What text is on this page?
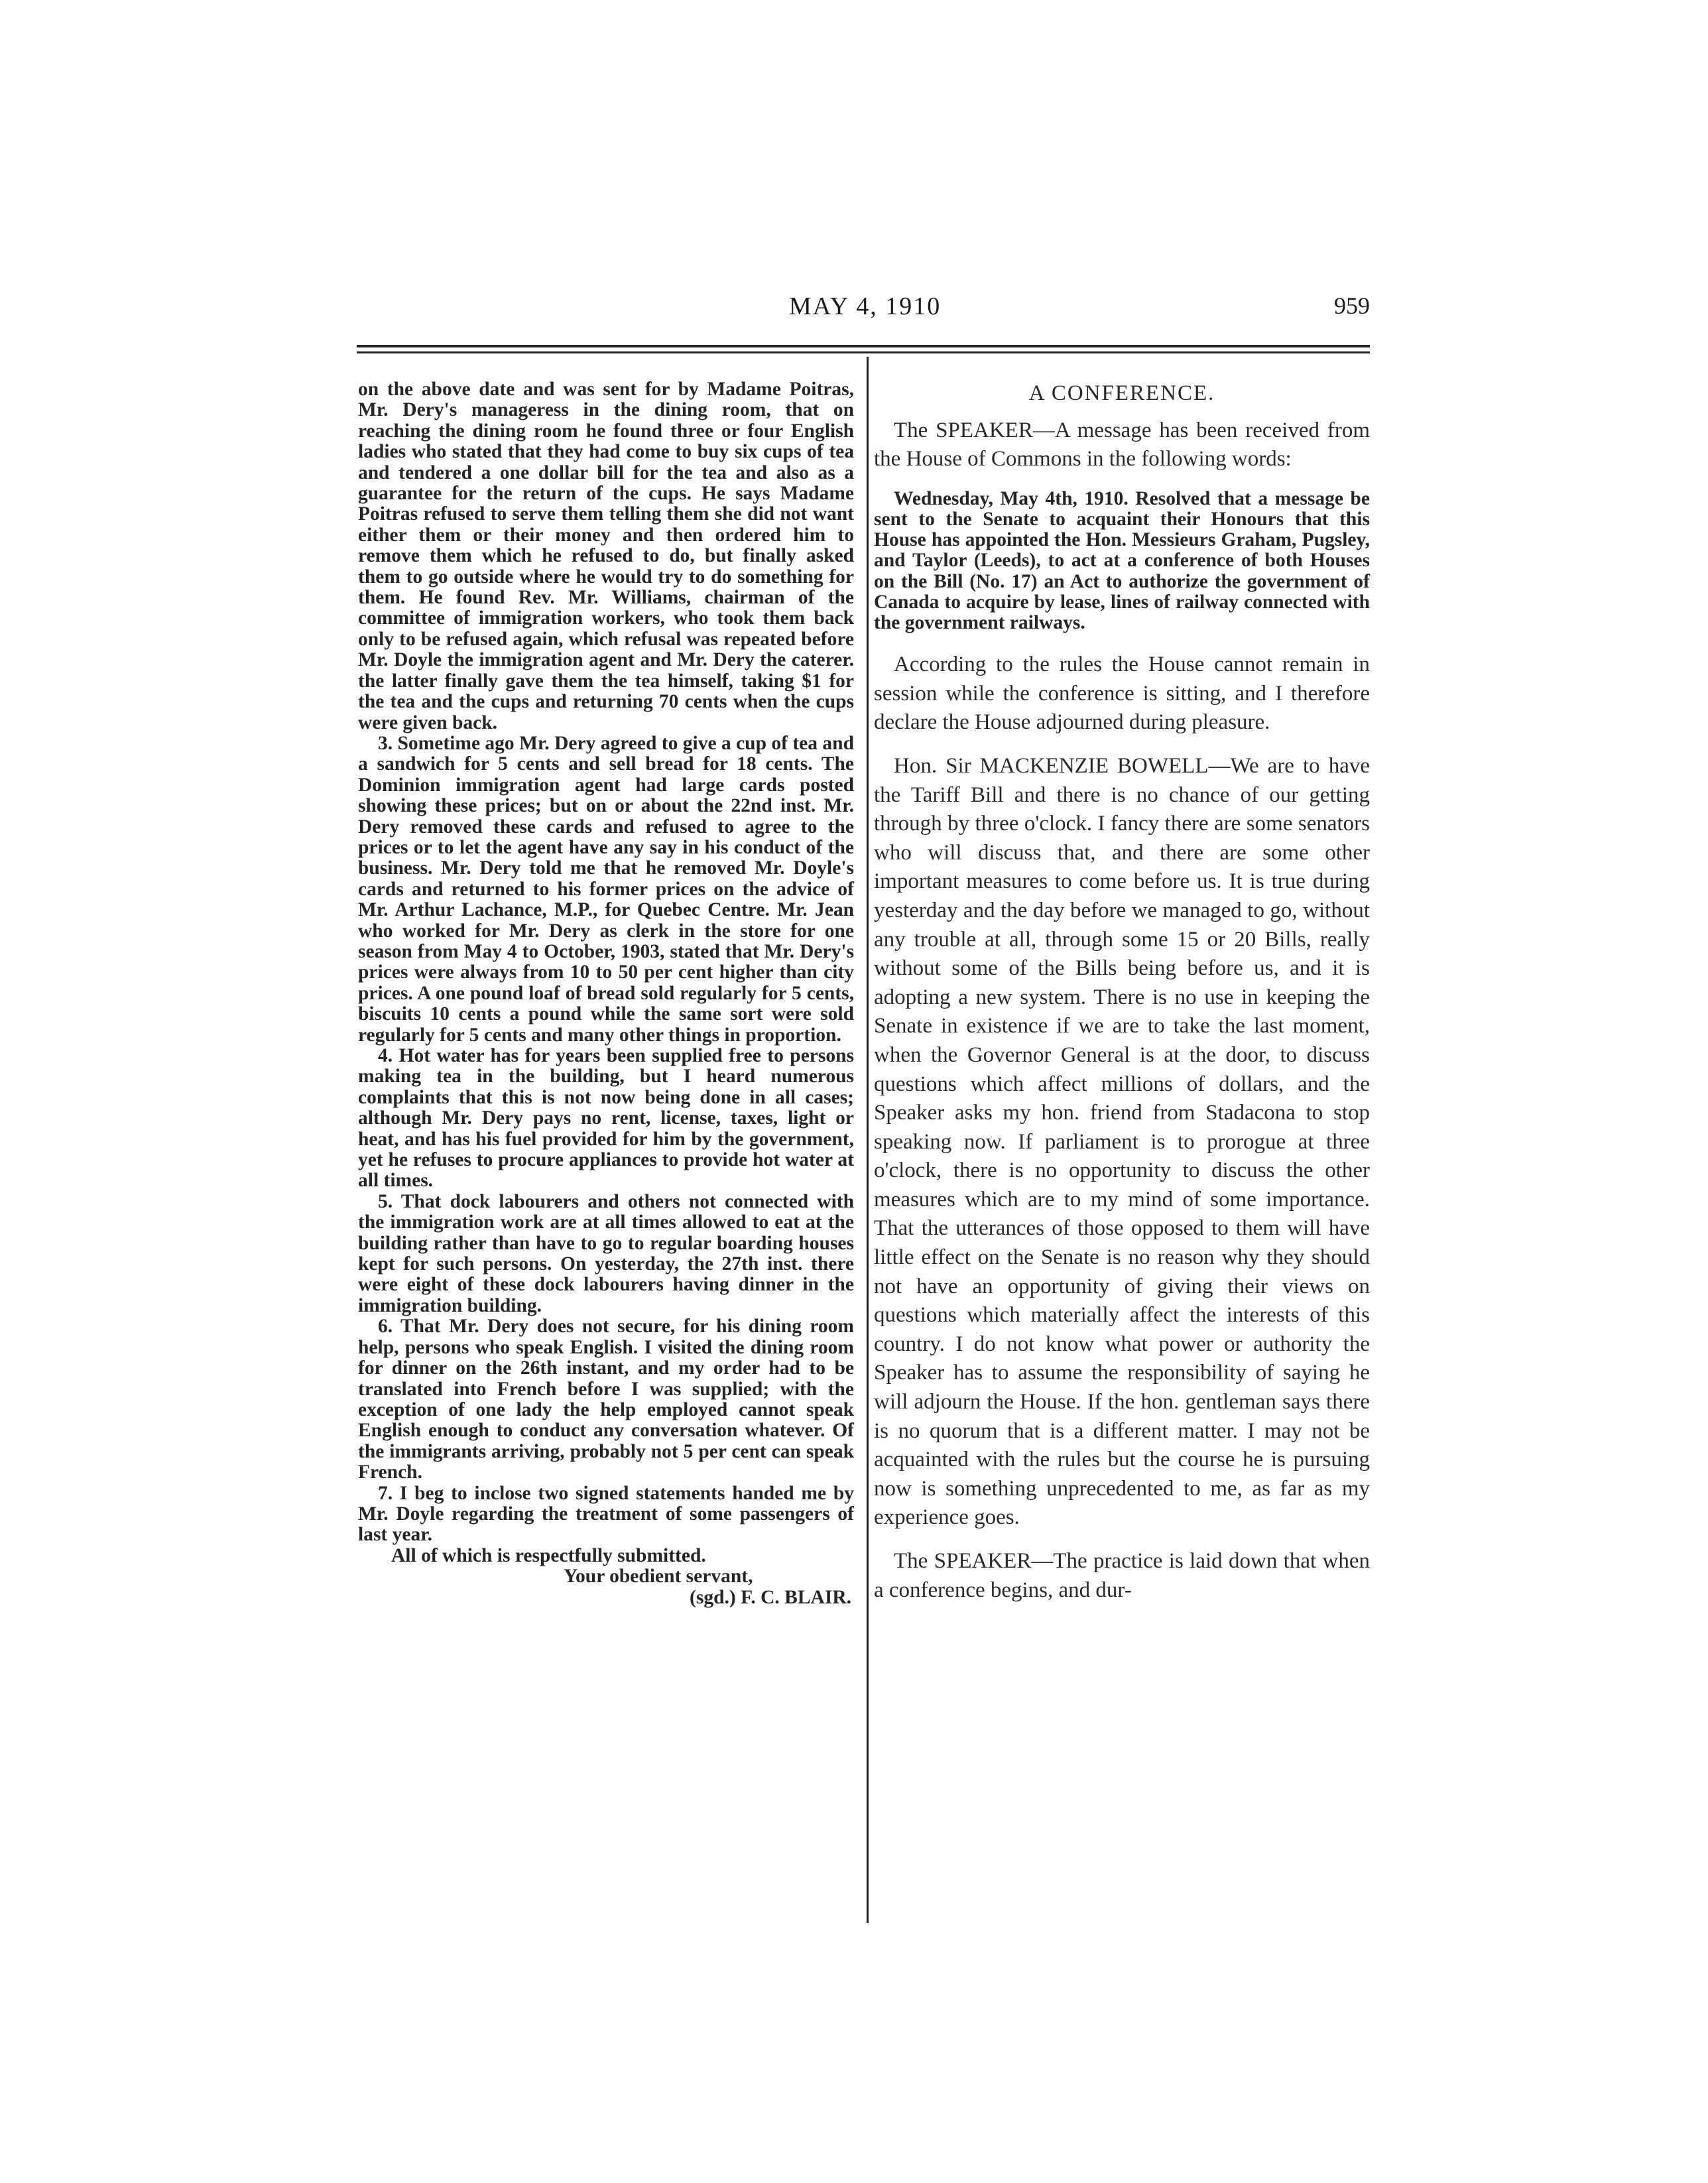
MAY 4, 1910	959

on the above date and was sent for by Madame Poitras, Mr. Dery's manageress in the dining room, that on reaching the dining room he found three or four English ladies who stated that they had come to buy six cups of tea and tendered a one dollar bill for the tea and also as a guarantee for the return of the cups. He says Madame Poitras refused to serve them telling them she did not want either them or their money and then ordered him to remove them which he refused to do, but finally asked them to go outside where he would try to do something for them. He found Rev. Mr. Williams, chairman of the committee of immigration workers, who took them back only to be refused again, which refusal was repeated before Mr. Doyle the immigration agent and Mr. Dery the caterer. the latter finally gave them the tea himself, taking $1 for the tea and the cups and returning 70 cents when the cups were given back.

3. Sometime ago Mr. Dery agreed to give a cup of tea and a sandwich for 5 cents and sell bread for 18 cents. The Dominion immigration agent had large cards posted showing these prices; but on or about the 22nd inst. Mr. Dery removed these cards and refused to agree to the prices or to let the agent have any say in his conduct of the business. Mr. Dery told me that he removed Mr. Doyle's cards and returned to his former prices on the advice of Mr. Arthur Lachance, M.P., for Quebec Centre. Mr. Jean who worked for Mr. Dery as clerk in the store for one season from May 4 to October, 1903, stated that Mr. Dery's prices were always from 10 to 50 per cent higher than city prices. A one pound loaf of bread sold regularly for 5 cents, biscuits 10 cents a pound while the same sort were sold regularly for 5 cents and many other things in proportion.

4. Hot water has for years been supplied free to persons making tea in the building, but I heard numerous complaints that this is not now being done in all cases; although Mr. Dery pays no rent, license, taxes, light or heat, and has his fuel provided for him by the government, yet he refuses to procure appliances to provide hot water at all times.

5. That dock labourers and others not connected with the immigration work are at all times allowed to eat at the building rather than have to go to regular boarding houses kept for such persons. On yesterday, the 27th inst. there were eight of these dock labourers having dinner in the immigration building.

6. That Mr. Dery does not secure, for his dining room help, persons who speak English. I visited the dining room for dinner on the 26th instant, and my order had to be translated into French before I was supplied; with the exception of one lady the help employed cannot speak English enough to conduct any conversation whatever. Of the immigrants arriving, probably not 5 per cent can speak French.

7. I beg to inclose two signed statements handed me by Mr. Doyle regarding the treatment of some passengers of last year.

All of which is respectfully submitted.

Your obedient servant,

(sgd.) F. C. BLAIR.

A CONFERENCE.

The SPEAKER—A message has been received from the House of Commons in the following words:

Wednesday, May 4th, 1910. Resolved that a message be sent to the Senate to acquaint their Honours that this House has appointed the Hon. Messieurs Graham, Pugsley, and Taylor (Leeds), to act at a conference of both Houses on the Bill (No. 17) an Act to authorize the government of Canada to acquire by lease, lines of railway connected with the government railways.

According to the rules the House cannot remain in session while the conference is sitting, and I therefore declare the House adjourned during pleasure.

Hon. Sir MACKENZIE BOWELL—We are to have the Tariff Bill and there is no chance of our getting through by three o'clock. I fancy there are some senators who will discuss that, and there are some other important measures to come before us. It is true during yesterday and the day before we managed to go, without any trouble at all, through some 15 or 20 Bills, really without some of the Bills being before us, and it is adopting a new system. There is no use in keeping the Senate in existence if we are to take the last moment, when the Governor General is at the door, to discuss questions which affect millions of dollars, and the Speaker asks my hon. friend from Stadacona to stop speaking now. If parliament is to prorogue at three o'clock, there is no opportunity to discuss the other measures which are to my mind of some importance. That the utterances of those opposed to them will have little effect on the Senate is no reason why they should not have an opportunity of giving their views on questions which materially affect the interests of this country. I do not know what power or authority the Speaker has to assume the responsibility of saying he will adjourn the House. If the hon. gentleman says there is no quorum that is a different matter. I may not be acquainted with the rules but the course he is pursuing now is something unprecedented to me, as far as my experience goes.

The SPEAKER—The practice is laid down that when a conference begins, and dur-
